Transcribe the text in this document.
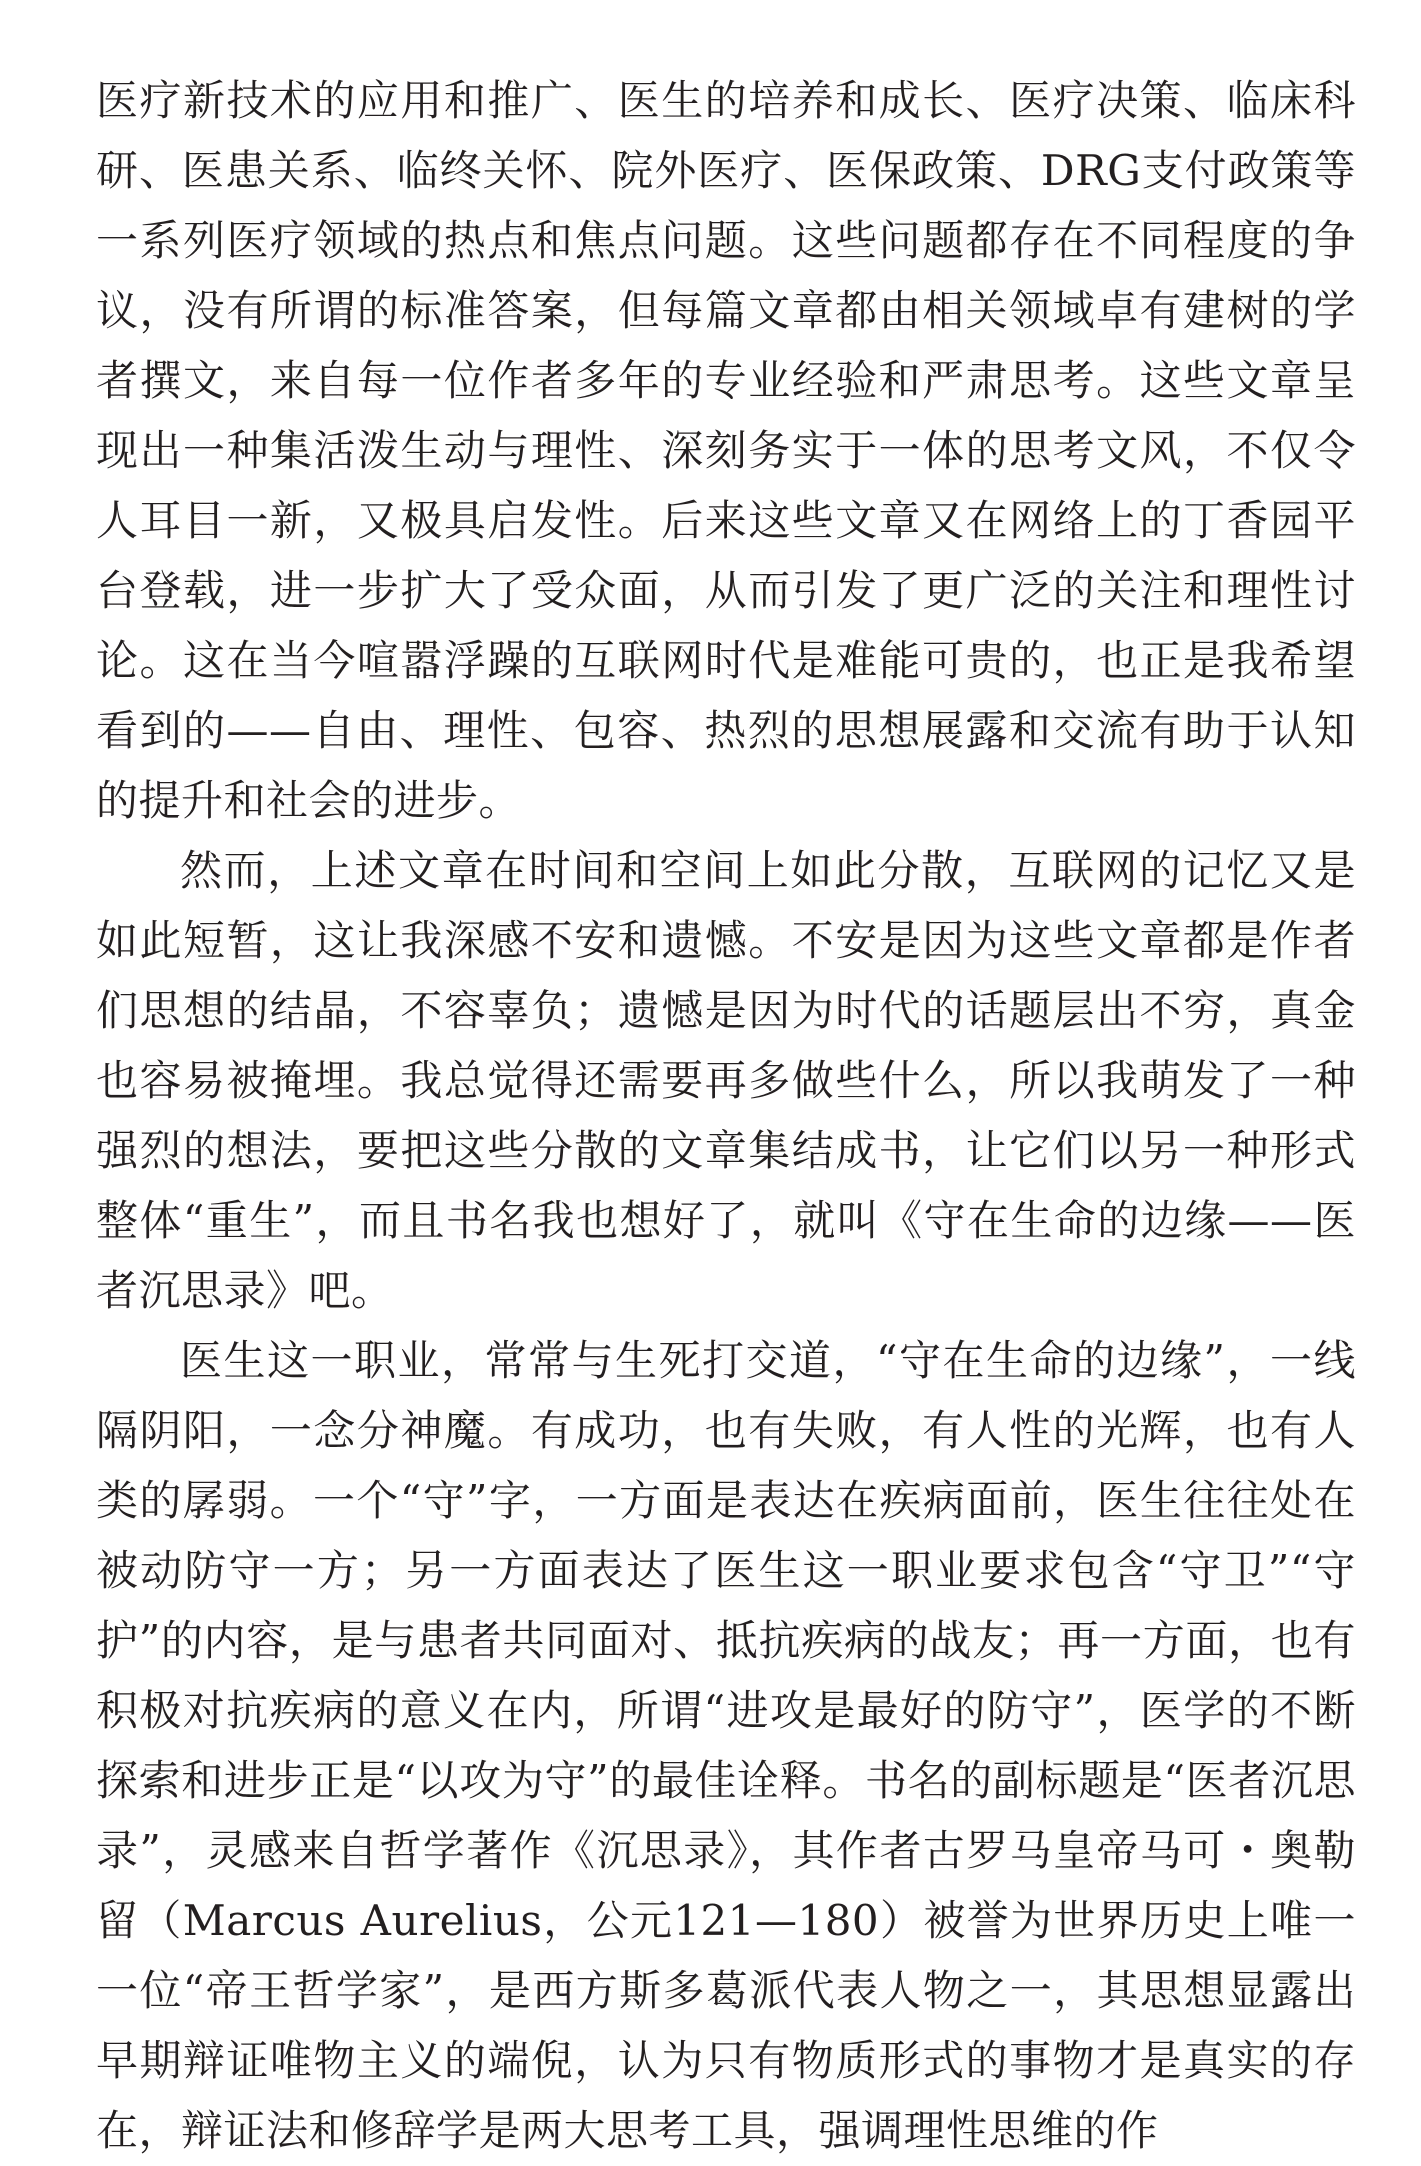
医疗新技术的应用和推广、医生的培养和成长、医疗决策、临床科研、医患关系、临终关怀、院外医疗、医保政策、DRG支付政策等一系列医疗领域的热点和焦点问题。这些问题都存在不同程度的争议，没有所谓的标准答案，但每篇文章都由相关领域卓有建树的学者撰文，来自每一位作者多年的专业经验和严肃思考。这些文章呈现出一种集活泼生动与理性、深刻务实于一体的思考文风，不仅令人耳目一新，又极具启发性。后来这些文章又在网络上的丁香园平台登载，进一步扩大了受众面，从而引发了更广泛的关注和理性讨论。这在当今喧嚣浮躁的互联网时代是难能可贵的，也正是我希望看到的——自由、理性、包容、热烈的思想展露和交流有助于认知的提升和社会的进步。

然而，上述文章在时间和空间上如此分散，互联网的记忆又是如此短暂，这让我深感不安和遗憾。不安是因为这些文章都是作者们思想的结晶，不容辜负；遗憾是因为时代的话题层出不穷，真金也容易被掩埋。我总觉得还需要再多做些什么，所以我萌发了一种强烈的想法，要把这些分散的文章集结成书，让它们以另一种形式整体“重生”，而且书名我也想好了，就叫《守在生命的边缘——医者沉思录》吧。

医生这一职业，常常与生死打交道，“守在生命的边缘”，一线隔阴阳，一念分神魔。有成功，也有失败，有人性的光辉，也有人类的孱弱。一个“守”字，一方面是表达在疾病面前，医生往往处在被动防守一方；另一方面表达了医生这一职业要求包含“守卫”“守护”的内容，是与患者共同面对、抵抗疾病的战友；再一方面，也有积极对抗疾病的意义在内，所谓“进攻是最好的防守”，医学的不断探索和进步正是“以攻为守”的最佳诠释。书名的副标题是“医者沉思录”，灵感来自哲学著作《沉思录》，其作者古罗马皇帝马可・奥勒留（Marcus Aurelius，公元121—180）被誉为世界历史上唯一一位“帝王哲学家”，是西方斯多葛派代表人物之一，其思想显露出早期辩证唯物主义的端倪，认为只有物质形式的事物才是真实的存在，辩证法和修辞学是两大思考工具，强调理性思维的作
